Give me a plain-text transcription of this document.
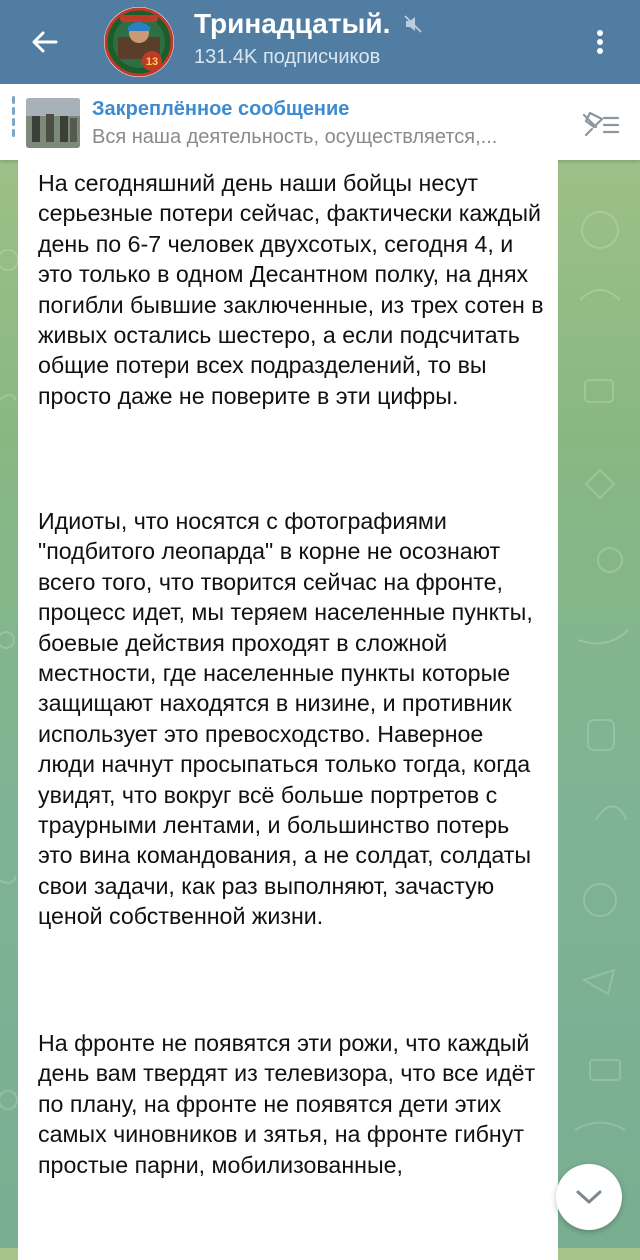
13
Тринадцатый.
131.4K подписчиков
Закреплённое сообщение
Вся наша деятельность, осуществляется,...

На сегодняшний день наши бойцы несут серьезные потери сейчас, фактически каждый день по 6-7 человек двухсотых, сегодня 4, и это только в одном Десантном полку, на днях погибли бывшие заключенные, из трех сотен в живых остались шестеро, а если подсчитать общие потери всех подразделений, то вы просто даже не поверите в эти цифры.

Идиоты, что носятся с фотографиями "подбитого леопарда" в корне не осознают всего того, что творится сейчас на фронте, процесс идет, мы теряем населенные пункты, боевые действия проходят в сложной местности, где населенные пункты которые защищают находятся в низине, и противник использует это превосходство. Наверное люди начнут просыпаться только тогда, когда увидят, что вокруг всё больше портретов с траурными лентами, и большинство потерь это вина командования, а не солдат, солдаты свои задачи, как раз выполняют, зачастую ценой собственной жизни.

На фронте не появятся эти рожи, что каждый день вам твердят из телевизора, что все идёт по плану, на фронте не появятся дети этих самых чиновников и зятья, на фронте гибнут простые парни, мобилизованные,
